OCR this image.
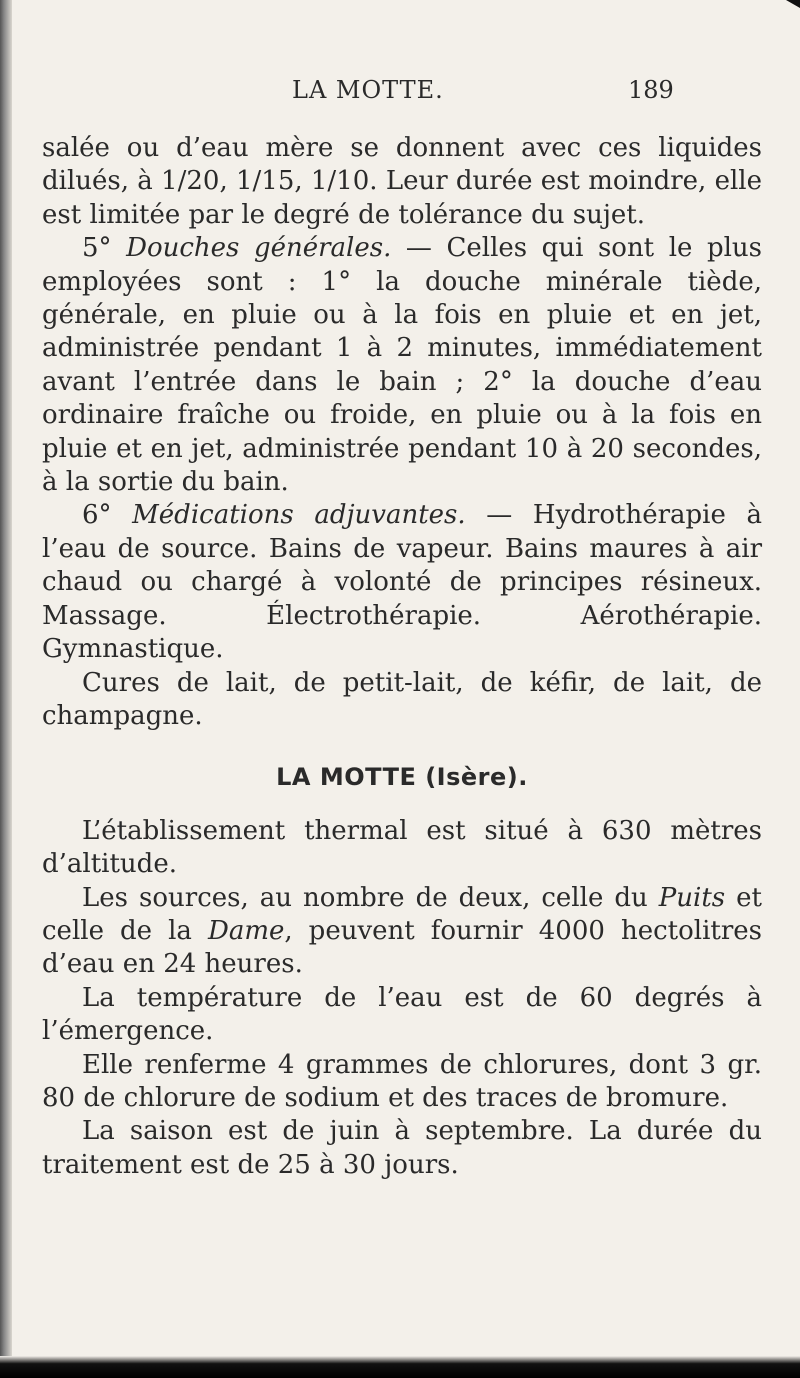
LA MOTTE.	189

salée ou d’eau mère se donnent avec ces liquides dilués, à 1/20, 1/15, 1/10. Leur durée est moindre, elle est limitée par le degré de tolérance du sujet.

5° Douches générales. — Celles qui sont le plus employées sont : 1° la douche minérale tiède, générale, en pluie ou à la fois en pluie et en jet, administrée pendant 1 à 2 minutes, immédiatement avant l’entrée dans le bain ; 2° la douche d’eau ordinaire fraîche ou froide, en pluie ou à la fois en pluie et en jet, administrée pendant 10 à 20 secondes, à la sortie du bain.

6° Médications adjuvantes. — Hydrothérapie à l’eau de source. Bains de vapeur. Bains maures à air chaud ou chargé à volonté de principes résineux. Massage. Électrothérapie. Aérothérapie. Gymnastique.

Cures de lait, de petit-lait, de kéfir, de lait, de champagne.

LA MOTTE (Isère).

L’établissement thermal est situé à 630 mètres d’altitude.

Les sources, au nombre de deux, celle du Puits et celle de la Dame, peuvent fournir 4000 hectolitres d’eau en 24 heures.

La température de l’eau est de 60 degrés à l’émergence.

Elle renferme 4 grammes de chlorures, dont 3 gr. 80 de chlorure de sodium et des traces de bromure.

La saison est de juin à septembre. La durée du traitement est de 25 à 30 jours.
